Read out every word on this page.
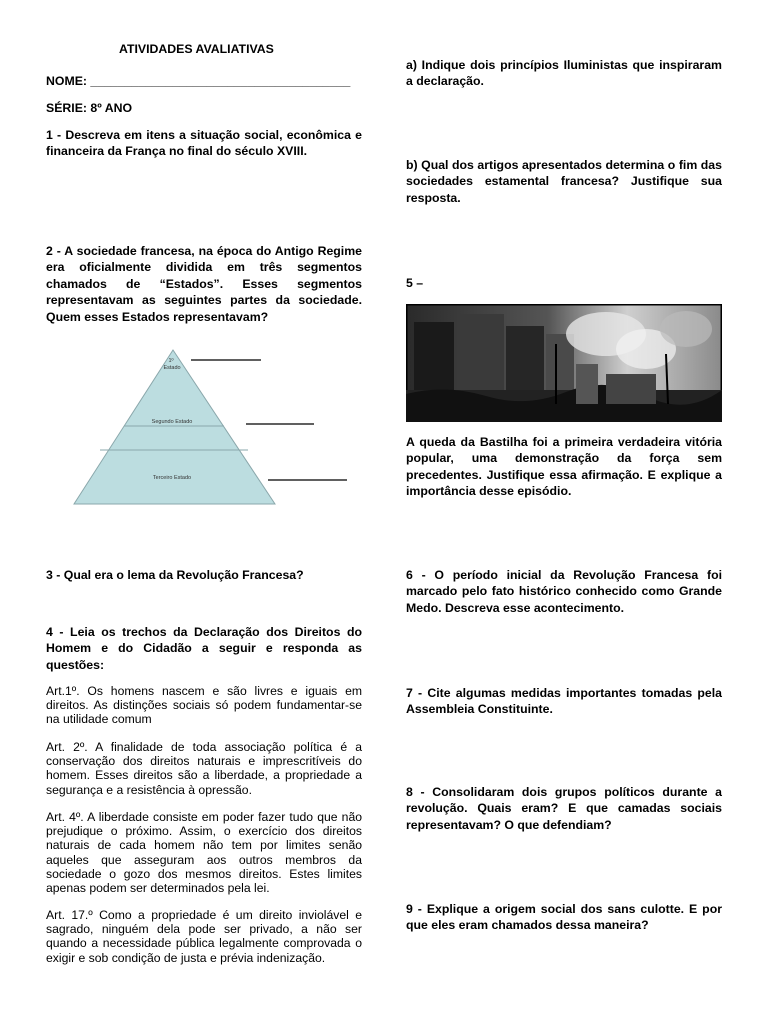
ATIVIDADES AVALIATIVAS
NOME: ______________________________________
SÉRIE: 8º ANO
1 - Descreva em itens a situação social, econômica e financeira da França no final do século XVIII.
2 - A sociedade francesa, na época do Antigo Regime era oficialmente dividida em três segmentos chamados de “Estados”. Esses segmentos representavam as seguintes partes da sociedade. Quem esses Estados representavam?
1º
Estado
Segundo Estado
Terceiro Estado
3 - Qual era o lema da Revolução Francesa?
4 - Leia os trechos da Declaração dos Direitos do Homem e do Cidadão a seguir e responda as questões:
Art.1º. Os homens nascem e são livres e iguais em direitos. As distinções sociais só podem fundamentar-se na utilidade comum
Art. 2º. A finalidade de toda associação política é a conservação dos direitos naturais e imprescritíveis do homem. Esses direitos são a liberdade, a propriedade a segurança e a resistência à opressão.
Art. 4º. A liberdade consiste em poder fazer tudo que não prejudique o próximo. Assim, o exercício dos direitos naturais de cada homem não tem por limites senão aqueles que asseguram aos outros membros da sociedade o gozo dos mesmos direitos. Estes limites apenas podem ser determinados pela lei.
Art. 17.º Como a propriedade é um direito inviolável e sagrado, ninguém dela pode ser privado, a não ser quando a necessidade pública legalmente comprovada o exigir e sob condição de justa e prévia indenização.
a) Indique dois princípios Iluministas que inspiraram a declaração.
b) Qual dos artigos apresentados determina o fim das sociedades estamental francesa? Justifique sua resposta.
5 –
A queda da Bastilha foi a primeira verdadeira vitória popular, uma demonstração da força sem precedentes. Justifique essa afirmação. E explique a importância desse episódio.
6 - O período inicial da Revolução Francesa foi marcado pelo fato histórico conhecido como Grande Medo. Descreva esse acontecimento.
7 - Cite algumas medidas importantes tomadas pela Assembleia Constituinte.
8 - Consolidaram dois grupos políticos durante a revolução. Quais eram? E que camadas sociais representavam? O que defendiam?
9 - Explique a origem social dos sans culotte. E por que eles eram chamados dessa maneira?
